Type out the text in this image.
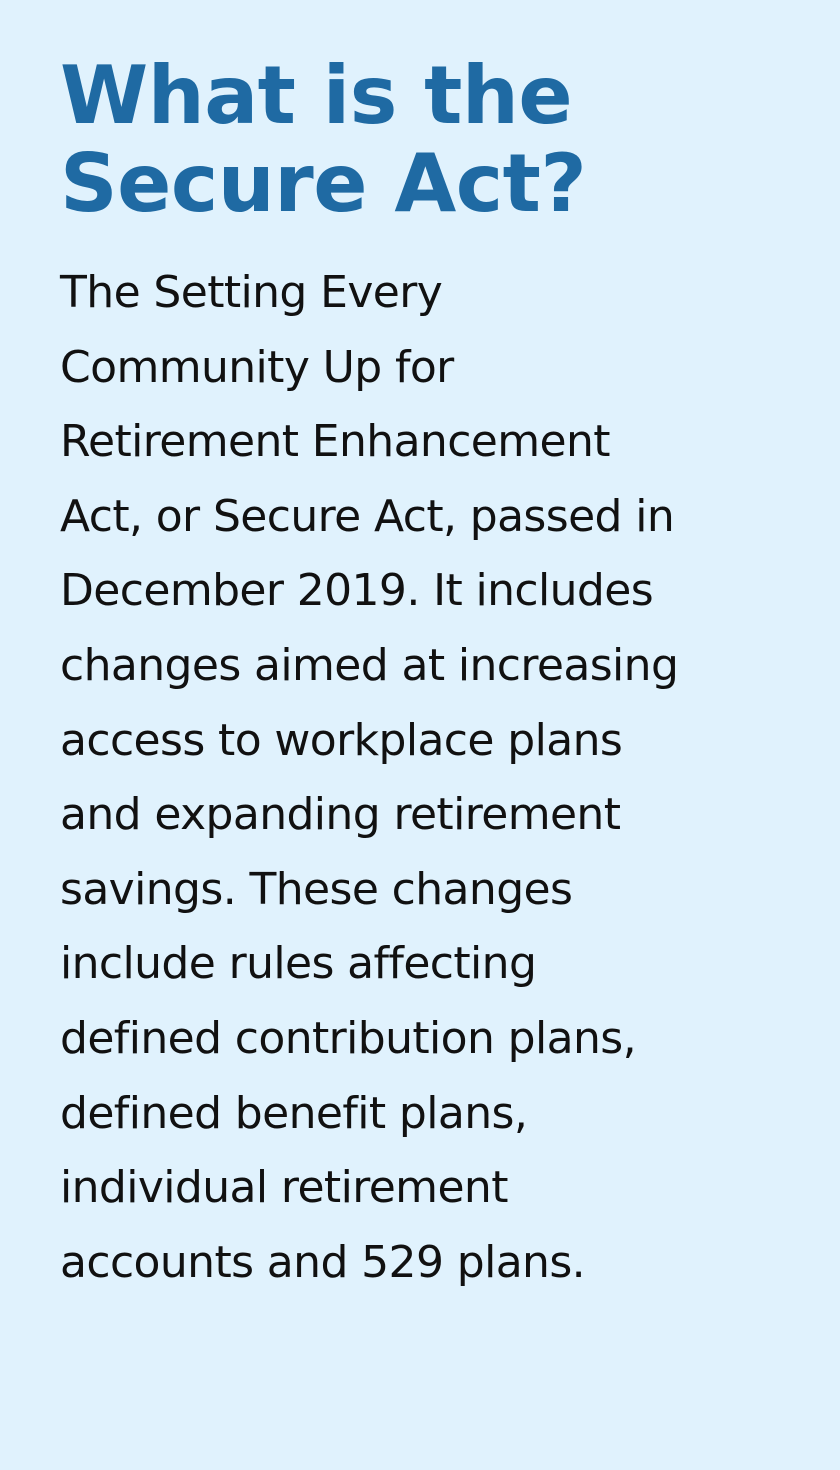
What is the
Secure Act?
The Setting Every
Community Up for
Retirement Enhancement
Act, or Secure Act, passed in
December 2019. It includes
changes aimed at increasing
access to workplace plans
and expanding retirement
savings. These changes
include rules affecting
defined contribution plans,
defined benefit plans,
individual retirement
accounts and 529 plans.
